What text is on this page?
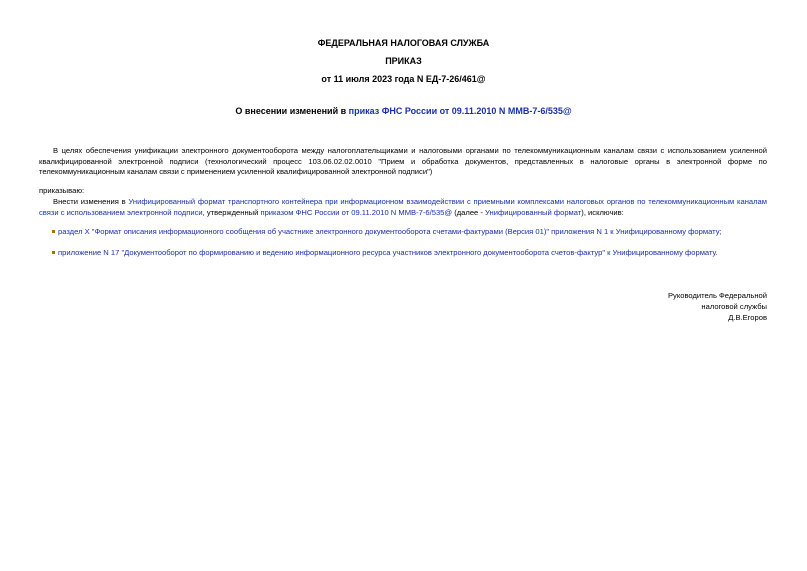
ФЕДЕРАЛЬНАЯ НАЛОГОВАЯ СЛУЖБА
ПРИКАЗ
от 11 июля 2023 года N ЕД-7-26/461@
О внесении изменений в приказ ФНС России от 09.11.2010 N ММВ-7-6/535@
В целях обеспечения унификации электронного документооборота между налогоплательщиками и налоговыми органами по телекоммуникационным каналам связи с использованием усиленной квалифицированной электронной подписи (технологический процесс 103.06.02.02.0010 "Прием и обработка документов, представленных в налоговые органы в электронной форме по телекоммуникационным каналам связи с применением усиленной квалифицированной электронной подписи")
приказываю:
Внести изменения в Унифицированный формат транспортного контейнера при информационном взаимодействии с приемными комплексами налоговых органов по телекоммуникационным каналам связи с использованием электронной подписи, утвержденный приказом ФНС России от 09.11.2010 N ММВ-7-6/535@ (далее - Унифицированный формат), исключив:
раздел X "Формат описания информационного сообщения об участнике электронного документооборота счетами-фактурами (Версия 01)" приложения N 1 к Унифицированному формату;
приложение N 17 "Документооборот по формированию и ведению информационного ресурса участников электронного документооборота счетов-фактур" к Унифицированному формату.
Руководитель Федеральной
налоговой службы
Д.В.Егоров
